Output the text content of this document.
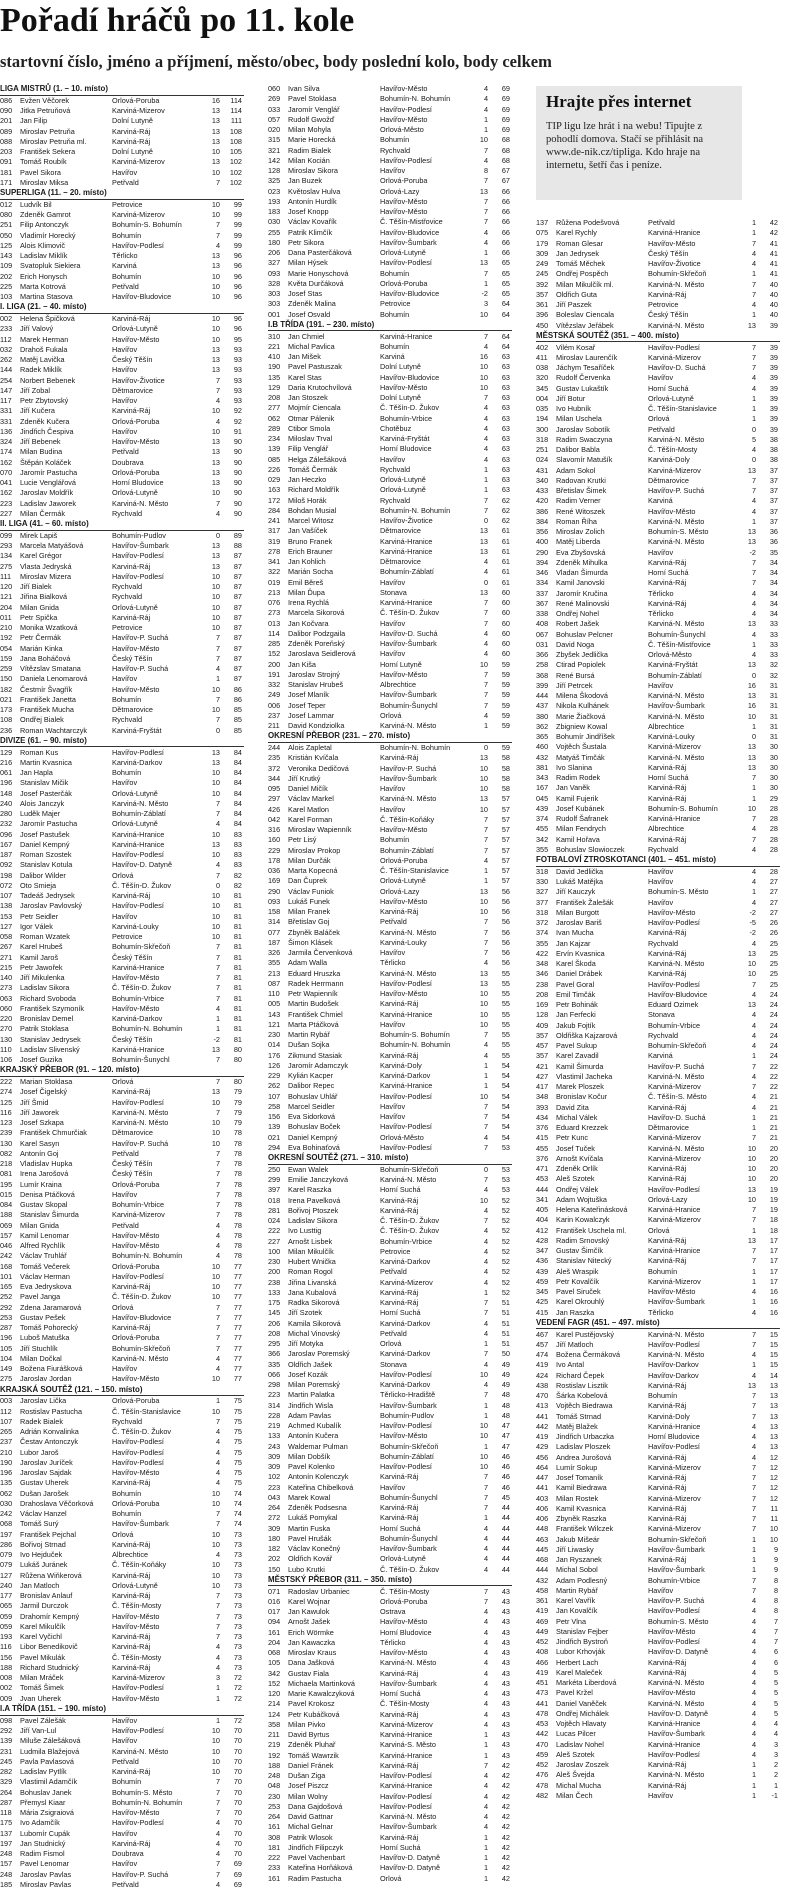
Pořadí hráčů po 11. kole
startovní číslo, jméno a příjmení, město/obec, body poslední kolo, body celkem
LIGA MISTRŮ (1. – 10. místo)
086	Evžen Věčorek	Orlová-Poruba	16	114
090	Jitka Petruňová	Karviná-Mizerov	13	114
201	Jan Filip	Dolní Lutyně	13	111
089	Miroslav Petruňa	Karviná-Ráj	13	108
088	Miroslav Petruňa ml.	Karviná-Ráj	13	108
203	František Sekera	Dolní Lutyně	10	105
091	Tomáš Roubík	Karviná-Mizerov	13	102
181	Pavel Sikora	Havířov	10	102
171	Miroslav Miksa	Petřvald	7	102
SUPERLIGA (11. – 20. místo)
012	Ludvík Bil	Petrovice	10	99
080	Zdeněk Gamrot	Karviná-Mizerov	10	99
251	Filip Antonczyk	Bohumín-S. Bohumín	7	99
050	Vladimír Horecký	Bohumín	7	99
125	Alois Klimovič	Havířov-Podlesí	4	99
143	Ladislav Miklík	Těrlicko	13	96
109	Svatopluk Siekiera	Karviná	13	96
202	Erich Honysch	Bohumín	10	96
225	Marta Kotrová	Petřvald	10	96
103	Martina Stasova	Havířov-Bludovice	10	96
I. LIGA (21. – 40. místo)
002	Helena Špičková	Karviná-Ráj	10	96
233	Jiří Valový	Orlová-Lutyně	10	96
112	Marek Herman	Havířov-Město	10	95
032	Drahoš Fukala	Havířov	13	93
262	Matěj Lavička	Český Těšín	13	93
144	Radek Miklík	Havířov	13	93
254	Norbert Bebenek	Havířov-Životice	7	93
147	Jiří Zobal	Dětmarovice	7	93
117	Petr Zbytovský	Havířov	4	93
331	Jiří Kučera	Karviná-Ráj	10	92
331	Zdeněk Kučera	Orlová-Poruba	4	92
136	Jindřich Čespiva	Havířov	10	91
324	Jiří Bebenek	Havířov-Město	13	90
174	Milan Budina	Petřvald	13	90
162	Štěpán Koláček	Doubrava	13	90
070	Jaromír Pastucha	Orlová-Poruba	13	90
041	Lucie Venglářová	Horní Bludovice	13	90
162	Jaroslav Moldřík	Orlová-Lutyně	10	90
223	Ladislav Jaworek	Karviná-N. Město	7	90
227	Milan Čermák	Rychvald	4	90
II. LIGA (41. – 60. místo)
099	Mirek Lapiš	Bohumín-Pudlov	0	89
293	Marcela Matyášová	Havířov-Šumbark	13	88
134	Karel Grégor	Havířov-Podlesí	13	87
275	Vlasta Jedryská	Karviná-Ráj	13	87
111	Miroslav Mizera	Havířov-Podlesí	10	87
120	Jiří Bialek	Rychvald	10	87
121	Jiřina Bialková	Rychvald	10	87
204	Milan Gnida	Orlová-Lutyně	10	87
011	Petr Spička	Karviná-Ráj	10	87
210	Monika Wzatková	Petrovice	10	87
192	Petr Čermák	Havířov-P. Suchá	7	87
054	Marián Kinka	Havířov-Město	7	87
159	Jana Boháčová	Český Těšín	7	87
259	Vítězslav Smatana	Havířov-P. Suchá	4	87
150	Daniela Lenomarová	Havířov	1	87
182	Čestmír Švagřík	Havířov-Město	10	86
021	František Janetta	Bohumín	7	86
173	František Mucha	Dětmarovice	10	85
108	Ondřej Bialek	Rychvald	7	85
236	Roman Wachtarczyk	Karviná-Fryštát	0	85
DIVIZE (61. – 90. místo)
129	Roman Kus	Havířov-Podlesí	13	84
216	Martin Kvasnica	Karviná-Darkov	13	84
061	Jan Hapla	Bohumín	10	84
196	Stanislav Mičik	Havířov	10	84
148	Josef Pasterčák	Orlová-Lutyně	10	84
240	Alois Janczyk	Karviná-N. Město	7	84
280	Luděk Majer	Bohumín-Záblatí	7	84
232	Jaromír Pastucha	Orlová-Lutyně	4	84
096	Josef Pastušek	Karviná-Hranice	10	83
167	Daniel Kempný	Karviná-Hranice	13	83
187	Roman Szostek	Havířov-Podlesí	10	83
092	Stanislav Kotula	Havířov-D. Datyně	4	83
198	Dalibor Wilder	Orlová	7	82
072	Oto Smieja	Č. Těšín-D. Žukov	0	82
107	Tadeáš Jedrysek	Karviná-Ráj	10	81
138	Jaroslav Pavlovský	Havířov-Podlesí	10	81
153	Petr Seidler	Havířov	10	81
127	Igor Válek	Karviná-Louky	10	81
058	Roman Wzatek	Petrovice	10	81
267	Karel Hrubeš	Bohumín-Skřečoň	7	81
271	Kamil Jaroš	Český Těšín	7	81
215	Petr Jawořek	Karviná-Hranice	7	81
140	Jiří Mikulenka	Havířov-Město	7	81
273	Ladislav Sikora	Č. Těšín-D. Žukov	7	81
063	Richard Svoboda	Bohumín-Vrbice	7	81
060	František Szymoník	Havířov-Město	4	81
220	Bronislav Demel	Karviná-Darkov	1	81
270	Patrik Stoklasa	Bohumín-N. Bohumín	1	81
130	Stanislav Jedrysek	Český Těšín	-2	81
110	Ladislav Slivenský	Karviná-Hranice	13	80
106	Josef Guzika	Bohumín-Šunychl	7	80
KRAJSKÝ PŘEBOR (91. – 120. místo)
222	Marian Stoklasa	Orlová	7	80
274	Josef Čigelský	Karviná-Ráj	13	79
125	Jiří Šmid	Havířov-Podlesí	10	79
116	Jiří Jaworek	Karviná-N. Město	7	79
123	Josef Szkapa	Karviná-N. Město	10	79
239	František Chmurčiak	Dětmarovice	10	78
130	Karel Sasyn	Havířov-P. Suchá	10	78
082	Antonín Goj	Petřvald	7	78
218	Vladislav Hupka	Český Těšín	7	78
081	Irena Jarošová	Český Těšín	7	78
195	Lumír Kraina	Orlová-Poruba	7	78
015	Denisa Ptáčková	Havířov	7	78
084	Gustav Skopal	Bohumín-Vrbice	7	78
188	Stanislav Šimurda	Karviná-Mizerov	7	78
069	Milan Gnida	Petřvald	4	78
157	Kamil Lenomar	Havířov-Město	4	78
046	Alfred Rychlík	Havířov-Město	4	78
242	Václav Truhlář	Bohumín-N. Bohumín	4	78
168	Tomáš Večerek	Orlová-Poruba	10	77
101	Václav Herman	Havířov-Podlesí	10	77
165	Eva Jedryskova	Karviná-Ráj	10	77
252	Pavel Janga	Č. Těšín-D. Žukov	10	77
292	Zdena Jaramarová	Orlová	7	77
253	Gustav Pešek	Havířov-Bludovice	7	77
287	Tomáš Pohorecký	Karviná-Ráj	7	77
196	Luboš Matuška	Orlová-Poruba	7	77
105	Jiří Stuchlík	Bohumín-Skřečoň	7	77
104	Milan Dočkal	Karviná-N. Město	4	77
149	Božena Fiurášková	Havířov	4	77
275	Jaroslav Jordan	Havířov-Město	10	77
KRAJSKÁ SOUTĚŽ (121. – 150. místo)
003	Jaroslav Lička	Orlová-Poruba	1	75
112	Rostislav Pastucha	Č. Těšín-Stanislavice	10	75
107	Radek Bialek	Rychvald	7	75
265	Adrián Konvalinka	Č. Těšín-D. Žukov	4	75
237	Čestav Antonczyk	Havířov-Podlesí	4	75
210	Lubor Jaroš	Havířov-Podlesí	4	75
190	Jaroslav Juríček	Havířov-Podlesí	4	75
196	Jaroslav Sajdak	Havířov-Město	4	75
135	Gustav Uherek	Karviná-Ráj	4	75
062	Dušan Jarošek	Bohumín	10	74
030	Drahoslava Věčorková	Orlová-Poruba	10	74
242	Václav Hanzel	Bohumín	7	74
068	Tomáš Surý	Havířov-Šumbark	7	74
197	František Pejchal	Orlová	10	73
286	Bořivoj Strnad	Karviná-Ráj	10	73
079	Ivo Hejduček	Albrechtice	4	73
079	Lukáš Juránek	Č. Těšín-Koňáky	10	73
127	Růžena Wiňkerová	Karviná-Ráj	10	73
240	Jan Matloch	Orlová-Lutyně	10	73
177	Bronislav Anlauf	Karviná-Ráj	7	73
065	Jarmil Durczok	Č. Těšín-Mosty	7	73
059	Drahomír Kempný	Havířov-Město	7	73
059	Karel Mikulčík	Havířov-Město	7	73
193	Karel Vyčichl	Karviná-Ráj	7	73
116	Libor Benedikovič	Karviná-Ráj	4	73
156	Pavel Mikulák	Č. Těšín-Mosty	4	73
188	Richard Studnický	Karviná-Ráj	4	73
008	Milan Mráček	Karviná-Mizerov	3	72
002	Tomáš Šimek	Havířov-Podlesí	1	72
009	Jvan Uherek	Havířov-Město	1	72
I.A TŘÍDA (151. – 190. místo)
098	Pavel Zálešák	Havířov	1	72
292	Jiří Van-Lul	Havířov-Podlesí	10	70
139	Miluše Zálešáková	Havířov	10	70
231	Ludmila Blažejová	Karviná-N. Město	10	70
245	Pavla Pavlasová	Petřvald	10	70
282	Ladislav Pytlík	Karviná-Ráj	10	70
329	Vlastimil Adamčík	Bohumín	7	70
264	Bohuslav Janek	Bohumín-S. Město	7	70
287	Přemysl Kiaar	Bohumín-N. Bohumín	7	70
118	Mária Zsigraiová	Havířov-Město	7	70
175	Ivo Adamčík	Havířov-Podlesí	4	70
137	Lubomír Cupák	Havířov	4	70
197	Jan Studnický	Karviná-Ráj	4	70
248	Radim Fismol	Doubrava	4	70
157	Pavel Lenomar	Havířov	7	69
248	Jaroslav Pavlas	Havířov-P. Suchá	7	69
185	Miroslav Pavlas	Petřvald	4	69
060	Ivan Silva	Havířov-Město	4	69
269	Pavel Stoklasa	Bohumín-N. Bohumín	4	69
033	Jaromír Venglář	Havířov-Podlesí	4	69
057	Rudolf Gwožď	Havířov-Město	1	69
020	Milan Mohyla	Orlová-Město	1	69
315	Marie Horecká	Bohumín	10	68
321	Radim Bialek	Rychvald	7	68
142	Milan Kocián	Havířov-Podlesí	4	68
128	Miroslav Sikora	Havířov	8	67
325	Jan Buzek	Orlová-Poruba	7	67
023	Květoslav Hulva	Orlová-Lazy	13	66
193	Antonín Hurdík	Havířov-Město	7	66
183	Josef Knopp	Havířov-Město	7	66
030	Václav Kovařík	Č. Těšín-Mistřovice	7	66
255	Patrik Klimčík	Havířov-Bludovice	4	66
180	Petr Sikora	Havířov-Šumbark	4	66
206	Dana Pasterčáková	Orlová-Lutyně	1	66
327	Milan Hýsek	Havířov-Podlesí	13	65
093	Marie Honyschová	Bohumín	7	65
328	Květa Durčáková	Orlová-Poruba	1	65
303	Josef Stas	Havířov-Bludovice	-2	65
303	Zdeněk Malina	Petrovice	3	64
001	Josef Osvald	Bohumín	10	64
I.B TŘÍDA (191. – 230. místo)
310	Jan Chmiel	Karviná-Hranice	7	64
221	Michal Pavlica	Bohumín	4	64
410	Jan Mišek	Karviná	16	63
190	Pavel Pastuszak	Dolní Lutyně	10	63
135	Karel Stas	Havířov-Bludovice	10	63
129	Daria Krutochvílová	Havířov-Město	10	63
208	Jan Stoszek	Dolní Lutyně	7	63
277	Mojmír Ciencala	Č. Těšín-D. Žukov	4	63
062	Otmar Pálenik	Bohumín-Vrbice	4	63
289	Ctibor Smola	Chotěbuz	4	63
234	Miloslav Trval	Karviná-Fryštát	4	63
139	Filip Venglář	Horní Bludovice	4	63
085	Helga Zálešáková	Havířov	4	63
226	Tomáš Čermák	Rychvald	1	63
029	Jan Heczko	Orlová-Lutyně	1	63
163	Richard Moldřík	Orlová-Lutyně	1	63
172	Miloš Horák	Rychvald	7	62
284	Bohdan Musial	Bohumín-N. Bohumín	7	62
241	Marcel Witosz	Havířov-Životice	0	62
317	Jan Vašíček	Dětmarovice	13	61
319	Bruno Franek	Karviná-Hranice	13	61
278	Erich Brauner	Karviná-Hranice	13	61
341	Jan Kohlich	Dětmarovice	4	61
322	Marián Socha	Bohumín-Záblatí	4	61
019	Emil Běreš	Havířov	0	61
213	Milan Ďupa	Stonava	13	60
076	Irena Rychlá	Karviná-Hranice	7	60
273	Marcela Sikorová	Č. Těšín-D. Žukov	7	60
013	Jan Kočvara	Havířov	7	60
114	Dalibor Podzgaila	Havířov-D. Suchá	4	60
285	Zdeněk Poreňský	Havířov-Šumbark	4	60
152	Jaroslava Seidlerová	Havířov	4	60
200	Jan Kiša	Horní Lutyně	10	59
191	Jaroslav Strojný	Havířov-Město	7	59
332	Stanislav Hrubeš	Albrechtice	7	59
249	Josef Mlaník	Havířov-Šumbark	7	59
006	Josef Teper	Bohumín-Šunychl	7	59
237	Josef Lammar	Orlová	4	59
211	David Kondziolka	Karviná-N. Město	1	59
OKRESNÍ PŘEBOR (231. – 270. místo)
244	Alois Zapletal	Bohumín-N. Bohumín	0	59
235	Kristián Kvíčala	Karviná-Ráj	13	58
372	Veronika Dedičová	Havířov-P. Suchá	10	58
344	Jiří Krutký	Havířov-Šumbark	10	58
095	Daniel Mičík	Havířov	10	58
297	Václav Markel	Karviná-N. Město	13	57
426	Karel Matlon	Havířov	10	57
042	Karel Forman	Č. Těšín-Koňáky	7	57
316	Miroslav Wapienník	Havířov-Město	7	57
160	Petr Lisý	Bohumín	7	57
229	Miroslav Prokop	Bohumín-Záblatí	7	57
178	Milan Durčák	Orlová-Poruba	4	57
036	Marta Kopecná	Č. Těšín-Stanislavice	1	57
169	Dan Čuprek	Orlová-Lutyně	1	57
290	Václav Funiok	Orlová-Lazy	13	56
093	Lukáš Funek	Havířov-Město	10	56
158	Milan Franek	Karviná-Ráj	10	56
314	Břetislav Goj	Petřvald	7	56
077	Zbyněk Baláček	Karviná-N. Město	7	56
187	Šimon Klásek	Karviná-Louky	7	56
326	Jarmila Červenková	Havířov	7	56
355	Adam Walla	Těrlicko	4	56
213	Eduard Hruszka	Karviná-N. Město	13	55
087	Radek Herrmann	Havířov-Podlesí	13	55
110	Petr Wapienník	Havířov-Město	10	55
005	Martin Budošek	Karviná-Ráj	10	55
143	František Chmiel	Karviná-Hranice	10	55
121	Marta Ptáčková	Havířov	10	55
230	Martin Rybář	Bohumín-S. Bohumín	7	55
014	Dušan Sojka	Bohumín-N. Bohumín	4	55
176	Zikmund Stasiak	Karviná-Ráj	4	55
126	Jaromír Adamczyk	Karviná-Doly	1	54
229	Kylián Kacper	Karviná-Darkov	1	54
262	Dalibor Repec	Karviná-Hranice	1	54
107	Bohuslav Uhlář	Havířov-Podlesí	10	54
258	Marcel Seidler	Havířov	7	54
156	Eva Sidorková	Havířov	7	54
139	Bohuslav Boček	Havířov-Podlesí	7	54
021	Daniel Kempný	Orlová-Město	4	54
294	Eva Bohinaťová	Havířov-Podlesí	7	53
OKRESNÍ SOUTĚŽ (271. – 310. místo)
250	Ewan Walek	Bohumín-Skřečoň	0	53
299	Emilie Janczyková	Karviná-N. Město	7	53
397	Karel Raszka	Horní Suchá	4	53
018	Irena Pavelková	Karviná-Ráj	10	52
281	Bořivoj Ptoszek	Karviná-Ráj	4	52
024	Ladislav Sikora	Č. Těšín-D. Žukov	7	52
222	Ivo Lusttig	Č. Těšín-D. Žukov	4	52
227	Arnošt Lisbek	Bohumín-Vrbice	4	52
100	Milan Mikulčík	Petrovice	4	52
230	Hubert Wnička	Karviná-Darkov	4	52
200	Roman Rogol	Petřvald	4	52
238	Jiřina Livanská	Karviná-Mizerov	4	52
133	Jana Kubalová	Karviná-Ráj	1	52
175	Radka Sikorová	Karviná-Ráj	7	51
145	Jiří Szotek	Horní Suchá	7	51
206	Kamila Sikorová	Karviná-Darkov	4	51
208	Michal Vinovský	Petřvald	4	51
295	Jiří Motyka	Orlová	1	51
366	Jaroslav Poremský	Karviná-Darkov	7	50
335	Oldřich Jašek	Stonava	4	49
066	Josef Kozák	Havířov-Podlesí	10	49
298	Milan Poremský	Karviná-Darkov	4	49
223	Martin Palatka	Těrlicko-Hradiště	7	48
314	Jindřich Wisla	Havířov-Šumbark	1	48
228	Adam Pavlas	Bohumín-Pudlov	1	48
219	Achmed Kubalík	Havířov-Podlesí	10	47
133	Antonín Kučera	Havířov-Město	10	47
243	Waldemar Pulman	Bohumín-Skřečoň	1	47
309	Milan Dobšík	Bohumín-Záblatí	10	46
309	Pavel Kolenko	Havířov-Podlesí	10	46
102	Antonín Kolenczyk	Karviná-Ráj	7	46
223	Kateřina Chibelková	Havířov	7	46
043	Marek Kowal	Bohumín-Šunychl	7	45
264	Zdeněk Podsesna	Karviná-Ráj	7	44
272	Lukáš Pomykal	Karviná-Ráj	1	44
309	Martin Fuska	Horní Suchá	4	44
180	Pavel Hrušák	Bohumín-Šunychl	4	44
182	Václav Konečný	Havířov-Šumbark	4	44
202	Oldřich Kovář	Orlová-Lutyně	4	44
150	Lubo Krutki	Č. Těšín-D. Žukov	4	44
MĚSTSKÝ PŘEBOR (311. – 350. místo)
071	Radoslav Urbaniec	Č. Těšín-Mosty	7	43
016	Karel Wojnar	Orlová-Poruba	7	43
017	Jan Kawulok	Ostrava	4	43
094	Arnošt Jašek	Havířov-Město	4	43
161	Erich Wörmke	Horní Bludovice	4	43
204	Jan Kawaczka	Těrlicko	4	43
068	Miroslav Kraus	Havířov-Město	4	43
105	Dana Jašková	Karviná-N. Město	4	43
342	Gustav Fiala	Karviná-Ráj	4	43
152	Michaela Martinková	Havířov-Šumbark	4	43
120	Marie Kawalczyková	Horní Suchá	4	43
214	Pavel Krokosz	Č. Těšín-Mosty	4	43
124	Petr Kubáčková	Karviná-Ráj	4	43
358	Milan Pivko	Karviná-Mizerov	4	43
211	David Byrtus	Karviná-Hranice	1	43
219	Zdeněk Pluhař	Karviná-S. Město	1	43
192	Tomáš Wawrzik	Karviná-Hranice	1	43
188	Daniel Fránek	Karviná-Ráj	7	42
248	Dušan Ziga	Havířov-Podlesí	4	42
048	Josef Piszcz	Karviná-Hranice	4	42
230	Milan Wolny	Havířov-Podlesí	4	42
253	Dana Gajdošová	Havířov-Podlesí	4	42
264	David Gattnar	Karviná-N. Město	4	42
161	Michal Gelnar	Havířov-Šumbark	4	42
308	Patrik Wlosok	Karviná-Ráj	1	42
181	Jindřich Filipczyk	Horní Suchá	1	42
222	Pavel Vachenbart	Havířov-D. Datyně	1	42
233	Kateřina Horňáková	Havířov-D. Datyně	1	42
161	Radim Pastucha	Orlová	1	42
Hrajte přes internet

TIP ligu lze hrát i na webu! Tipujte z pohodlí domova. Stačí se přihlásit na www.de-nik.cz/tipliga. Kdo hraje na internetu, šetří čas i peníze.

137	Růžena Podešvová	Petřvald	1	42
075	Karel Rychly	Karviná-Hranice	1	42
179	Roman Glesar	Havířov-Město	7	41
309	Jan Jedrysek	Český Těšín	4	41
249	Tomáš Měchek	Havířov-Životice	4	41
245	Ondřej Pospěch	Bohumín-Skřečoň	1	41
392	Milan Mikulčík ml.	Karviná-N. Město	7	40
357	Oldřich Guta	Karviná-Ráj	7	40
361	Jiří Paszek	Petrovice	4	40
396	Boleslav Ciencala	Český Těšín	1	40
450	Vítězslav Jeřábek	Karviná-N. Město	13	39
MĚSTSKÁ SOUTĚŽ (351. – 400. místo)
402	Vilém Kosař	Havířov-Podlesí	7	39
411	Miroslav Laurenčík	Karviná-Mizerov	7	39
038	Jáchym Tesaříček	Havířov-D. Suchá	7	39
320	Rudolf Červenka	Havířov	4	39
345	Gustav Lukaštík	Horní Suchá	4	39
004	Jiří Botur	Orlová-Lutyně	1	39
035	Ivo Hubník	Č. Těšín-Stanislavice	1	39
194	Milan Uschela	Orlová	1	39
300	Jaroslav Sobotík	Petřvald	0	39
318	Radim Swaczyna	Karviná-N. Město	5	38
251	Dalibor Babla	Č. Těšín-Mosty	4	38
024	Slavomír Matušík	Karviná-Doly	0	38
431	Adam Sokol	Karviná-Mizerov	13	37
340	Radovan Krutki	Dětmarovice	7	37
433	Břetislav Šimek	Havířov-P. Suchá	7	37
420	Radim Verner	Karviná	4	37
386	René Witoszek	Havířov-Město	4	37
384	Roman Říha	Karviná-N. Město	1	37
356	Miroslav Zolich	Bohumín-S. Město	13	36
400	Matěj Liberda	Karviná-N. Město	13	36
290	Eva Zbyšovská	Havířov	-2	35
394	Zdeněk Mihulka	Karviná-Ráj	7	34
346	Vladan Šimurda	Horní Suchá	7	34
334	Kamil Janovski	Karviná-Ráj	7	34
337	Jaromír Kručina	Těrlicko	4	34
367	René Malinovski	Karviná-Ráj	4	34
338	Ondřej Nohel	Těrlicko	4	34
408	Robert Jašek	Karviná-N. Město	13	33
067	Bohuslav Pelcner	Bohumín-Šunychl	4	33
031	David Noga	Č. Těšín-Mistřovice	1	33
366	Zbyšek Jedlička	Orlová-Město	4	33
258	Ctirad Popiolek	Karviná-Fryštát	13	32
368	René Bursá	Bohumín-Záblatí	0	32
399	Jiří Petrcek	Havířov	16	31
444	Milena Škodová	Karviná-N. Město	13	31
437	Nikola Kulhánek	Havířov-Šumbark	16	31
380	Marie Žiačková	Karviná-N. Město	10	31
362	Zbigniew Kowal	Albrechtice	1	31
365	Bohumír Jindříšek	Karviná-Louky	0	31
460	Vojtěch Šustala	Karviná-Mizerov	13	30
432	Matyáš Timčák	Karviná-N. Město	13	30
381	Ivo Slanina	Karviná-Ráj	13	30
343	Radim Rodek	Horní Suchá	7	30
167	Jan Vaněk	Karviná-Ráj	1	30
045	Kamil Fujerik	Karviná-Ráj	1	29
439	Josef Kubánek	Bohumín-S. Bohumín	10	28
374	Rudolf Šafranek	Karviná-Hranice	7	28
455	Milan Fendrych	Albrechtice	4	28
342	Kamil Hořava	Karviná-Ráj	7	28
355	Bohuslav Slowioczek	Rychvald	4	28
FOTBALOVÍ ZTROSKOTANCI (401. – 451. místo)
318	David Jedlička	Havířov	4	28
330	Lukáš Matějka	Havířov	4	27
327	Jiří Kauczyk	Bohumín-S. Město	1	27
377	František Žalešák	Havířov	4	27
318	Milan Burgott	Havířov-Město	-2	27
372	Jaroslav Bariš	Havířov-Podlesí	-5	26
374	Ivan Mucha	Karviná-Ráj	-2	26
355	Jan Kajzar	Rychvald	4	25
422	Ervín Kvasnica	Karviná-Ráj	13	25
348	Karel Škoda	Karviná-N. Město	10	25
346	Daniel Drábek	Karviná-Ráj	10	25
238	Pavel Goral	Havířov-Podlesí	7	25
208	Emil Timčák	Havířov-Bludovice	4	24
169	Petr Bohinák	Eduard Ozimek	13	24
128	Jan Ferfecki	Stonava	4	24
409	Jakub Fojtík	Bohumín-Vrbice	4	24
357	Oldřiška Kajzarová	Rychvald	4	24
457	Pavel Sukup	Bohumín-Skřečoň	4	24
357	Karel Zavadil	Karviná	1	24
421	Kamil Šimurda	Havířov-P. Suchá	7	22
427	Vlastimil Jacheka	Karviná-N. Město	4	22
417	Marek Ploszek	Karviná-Mizerov	7	22
348	Bronislav Kočur	Č. Těšín-S. Město	4	21
393	David Zita	Karviná-Ráj	4	21
434	Michal Válek	Havířov-D. Suchá	1	21
376	Eduard Krezzek	Dětmarovice	1	21
415	Petr Kunc	Karviná-Mizerov	7	21
455	Josef Tuček	Karviná-N. Město	10	20
376	Arnošt Kvíčala	Karviná-Mizerov	10	20
471	Zdeněk Orlík	Karviná-Ráj	10	20
453	Aleš Szotek	Karviná-Ráj	10	20
444	Ondřej Válek	Havířov-Podlesí	13	19
341	Adam Wojtuška	Orlová-Lazy	10	19
405	Helena Kateřinásková	Karviná-Hranice	7	19
404	Karin Kowalczyk	Karviná-Mizerov	7	18
412	František Uschela ml.	Orlová	1	18
428	Radim Srnovský	Karviná-Ráj	13	17
347	Gustav Šimčík	Karviná-Hranice	7	17
436	Stanislav Nitecký	Karviná-Ráj	7	17
439	Aleš Wraspik	Bohumín	1	17
459	Petr Kovalčík	Karviná-Mizerov	1	17
345	Pavel Siruček	Havířov-Město	4	16
425	Karel Okrouhlý	Havířov-Šumbark	1	16
415	Jan Raszka	Těrlicko	4	16
VEDENÍ FAGR (451. – 497. místo)
467	Karel Pustějovský	Karviná-N. Město	7	15
457	Jiří Matloch	Havířov-Podlesí	7	15
474	Božena Čermáková	Karviná-N. Město	4	15
419	Ivo Antal	Havířov-Darkov	1	15
424	Richard Čepek	Havířov-Darkov	4	14
438	Rostislav Lisztik	Karviná-Ráj	13	13
470	Šárka Kobelová	Bohumín	7	13
413	Vojtěch Biedrawa	Karviná-Ráj	7	13
441	Tomáš Strnad	Karviná-Doly	7	13
442	Matěj Blažek	Karviná-Hranice	4	13
419	Jindřich Urbaczka	Horní Bludovice	4	13
429	Ladislav Ploszek	Havířov-Podlesí	4	13
456	Andrea Jurošová	Karviná-Ráj	4	12
464	Lumír Sokup	Karviná-Mizerov	7	12
447	Josef Tomaník	Karviná-Ráj	7	12
441	Kamil Biedrawa	Karviná-Ráj	7	12
403	Milan Rostek	Karviná-Mizerov	7	12
406	Kamil Kvasnica	Karviná-Ráj	7	11
406	Zbyněk Raszka	Karviná-Ráj	7	11
448	František Wilczek	Karviná-Mizerov	7	10
463	Jakub Mišeár	Bohumín-Skřečoň	1	10
445	Jiří Liwasky	Havířov-Šumbark	1	9
468	Jan Ryszanek	Karviná-Ráj	1	9
444	Michal Sobol	Havířov-Šumbark	1	9
432	Adam Podlesný	Bohumín-Vrbice	7	8
458	Martin Rybář	Havířov	7	8
361	Karel Vavřík	Havířov-P. Suchá	4	8
419	Jan Kovalčík	Havířov-Podlesí	4	8
469	Petr Vlna	Bohumín-S. Město	4	7
449	Stanislav Fejber	Havířov-Město	4	7
452	Jindřich Bystroň	Havířov-Podlesí	4	7
408	Lubor Krhovják	Havířov-D. Datyně	4	6
466	Herbert Lach	Karviná-Ráj	4	6
419	Karel Maleček	Karviná-Ráj	4	5
451	Markéta Liberdová	Karviná-N. Město	4	5
473	Pavel Kržel	Havířov-Město	4	5
441	Daniel Vaněček	Karviná-N. Město	4	5
478	Ondřej Michálek	Havířov-D. Datyně	4	5
453	Vojtěch Hlavaty	Karviná-Hranice	4	4
442	Lucas Pilcer	Havířov-Šumbark	4	4
470	Ladislav Nohel	Karviná-Hranice	4	3
459	Aleš Szotek	Havířov-Podlesí	4	3
452	Jaroslav Zoszek	Karviná-Ráj	1	2
476	Aleš Švejda	Karviná-N. Město	1	2
478	Michal Mucha	Karviná-Ráj	1	1
482	Milan Čech	Havířov	1	-1
